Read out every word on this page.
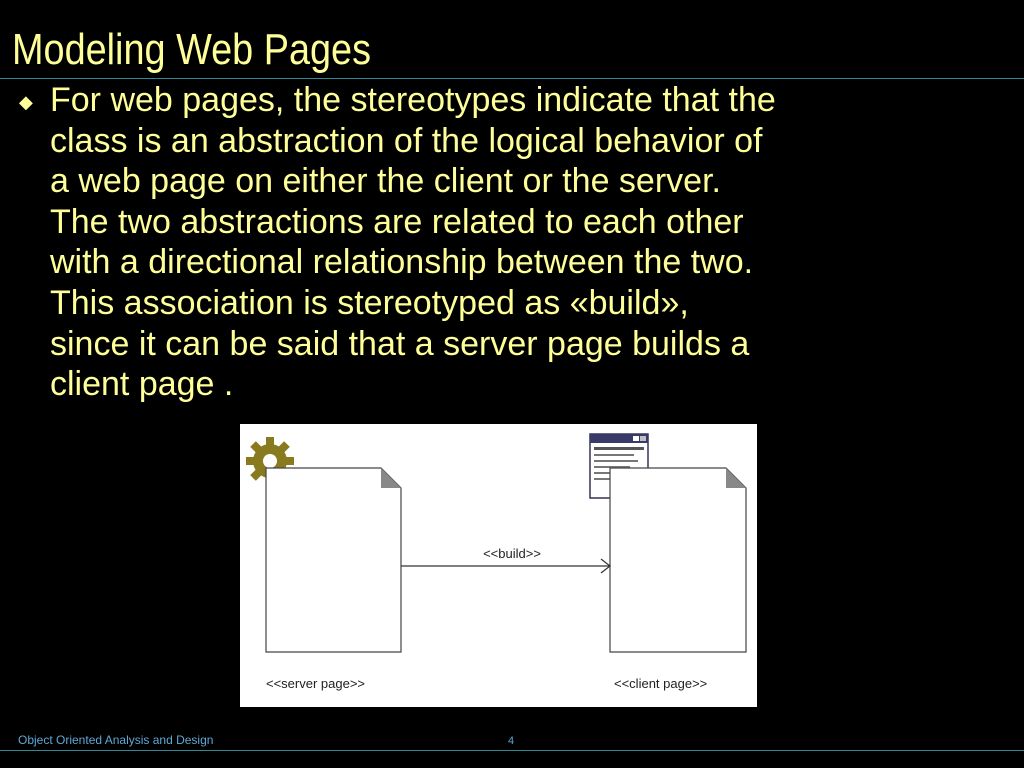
Modeling Web Pages
◆ For web pages, the stereotypes indicate that the
class is an abstraction of the logical behavior of
a web page on either the client or the server.
The two abstractions are related to each other
with a directional relationship between the two.
This association is stereotyped as «build»,
since it can be said that a server page builds a
client page .

<<build>>
<<server page>>	<<client page>>
Object Oriented Analysis and Design	4
